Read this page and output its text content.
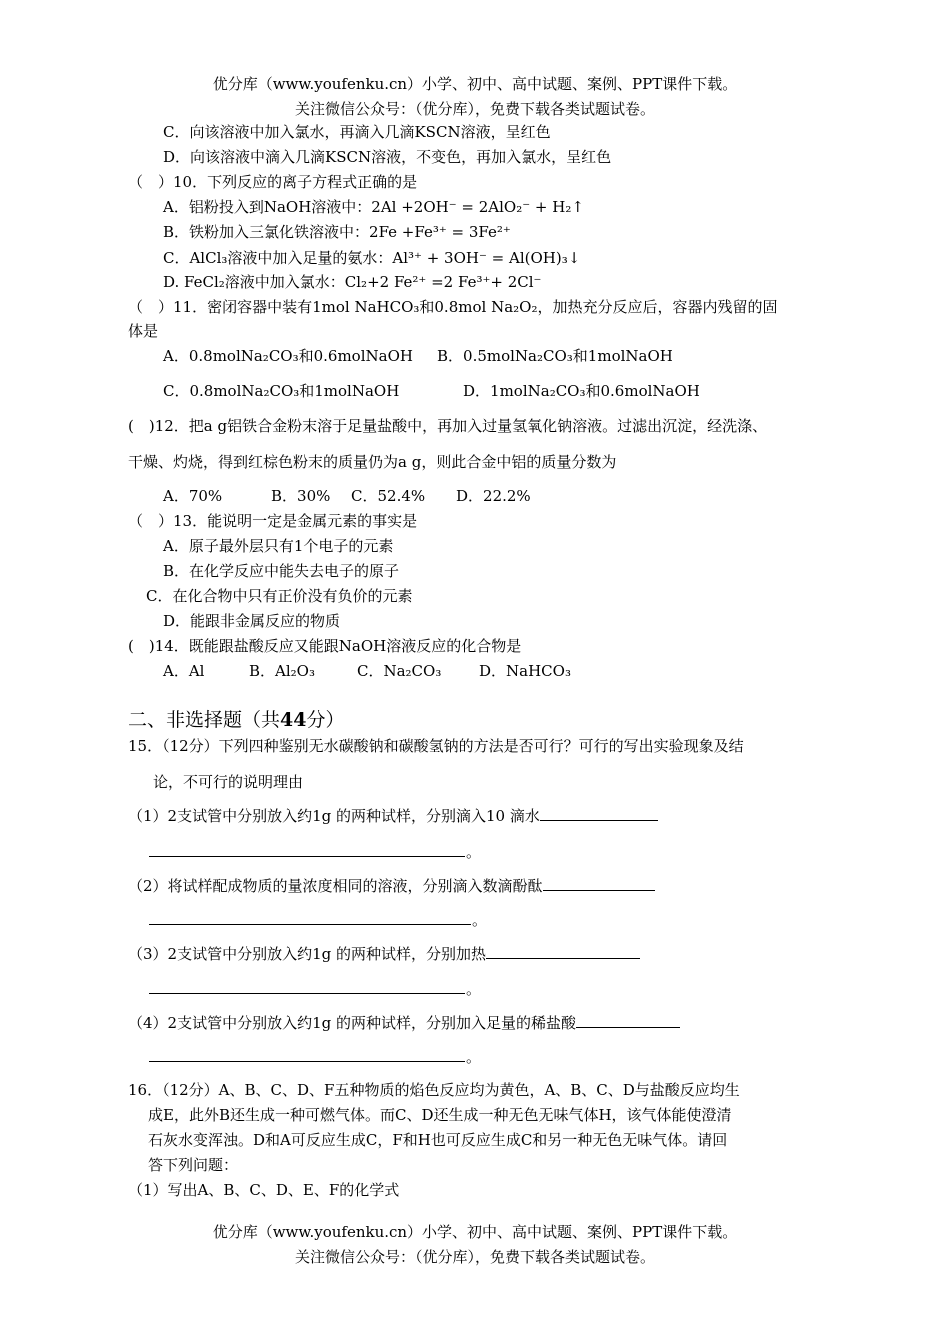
优分库（www.youfenku.cn）小学、初中、高中试题、案例、PPT课件下载。
关注微信公众号：（优分库），免费下载各类试题试卷。
C．向该溶液中加入氯水，再滴入几滴KSCN溶液，呈红色
D．向该溶液中滴入几滴KSCN溶液，不变色，再加入氯水，呈红色
（　）10．下列反应的离子方程式正确的是
A．铝粉投入到NaOH溶液中：2Al +2OH⁻ = 2AlO₂⁻ + H₂↑
B．铁粉加入三氯化铁溶液中：2Fe +Fe³⁺ = 3Fe²⁺
C．AlCl₃溶液中加入足量的氨水：Al³⁺ + 3OH⁻ = Al(OH)₃↓
D. FeCl₂溶液中加入氯水：Cl₂+2 Fe²⁺ =2 Fe³⁺+ 2Cl⁻
（　）11．密闭容器中装有1mol NaHCO₃和0.8mol Na₂O₂，加热充分反应后，容器内残留的固
体是
A．0.8molNa₂CO₃和0.6molNaOH B．0.5molNa₂CO₃和1molNaOH
C．0.8molNa₂CO₃和1molNaOH	D．1molNa₂CO₃和0.6molNaOH
(　)12．把a g铝铁合金粉末溶于足量盐酸中，再加入过量氢氧化钠溶液。过滤出沉淀，经洗涤、
干燥、灼烧，得到红棕色粉末的质量仍为a g，则此合金中铝的质量分数为
A．70%	B．30% C．52.4% D．22.2%
（　）13．能说明一定是金属元素的事实是
A．原子最外层只有1个电子的元素
B．在化学反应中能失去电子的原子
C．在化合物中只有正价没有负价的元素
D．能跟非金属反应的物质
(　)14．既能跟盐酸反应又能跟NaOH溶液反应的化合物是
A．Al	B．Al₂O₃	C．Na₂CO₃	D．NaHCO₃
二、非选择题（共44分）
15．（12分）下列四种鉴别无水碳酸钠和碳酸氢钠的方法是否可行？可行的写出实验现象及结
论，不可行的说明理由
（1）2支试管中分别放入约1g 的两种试样，分别滴入10 滴水
。
（2）将试样配成物质的量浓度相同的溶液，分别滴入数滴酚酞
。
（3）2支试管中分别放入约1g 的两种试样，分别加热
。
（4）2支试管中分别放入约1g 的两种试样，分别加入足量的稀盐酸
。
16．（12分）A、B、C、D、F五种物质的焰色反应均为黄色，A、B、C、D与盐酸反应均生
成E，此外B还生成一种可燃气体。而C、D还生成一种无色无味气体H，该气体能使澄清
石灰水变浑浊。D和A可反应生成C，F和H也可反应生成C和另一种无色无味气体。请回
答下列问题：
（1）写出A、B、C、D、E、F的化学式
优分库（www.youfenku.cn）小学、初中、高中试题、案例、PPT课件下载。
关注微信公众号：（优分库），免费下载各类试题试卷。
